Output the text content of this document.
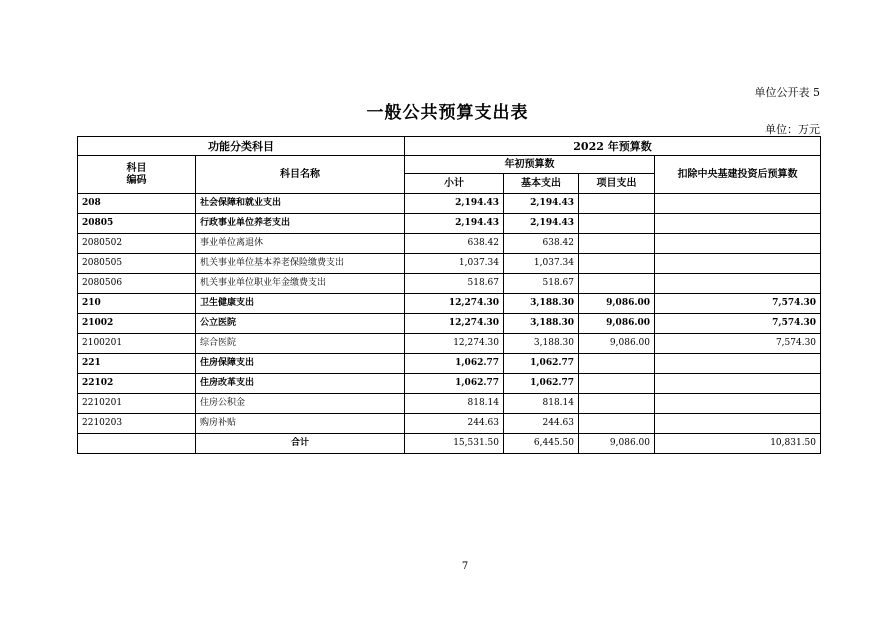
单位公开表 5
一般公共预算支出表
单位：万元
功能分类科目		2022 年预算数			

科目
编码	科目名称	年初预算数			扣除中央基建投资后预算数
		小计	基本支出	项目支出	
208	社会保障和就业支出	2,194.43	2,194.43		
20805	行政事业单位养老支出	2,194.43	2,194.43		
2080502	事业单位离退休	638.42	638.42		
2080505	机关事业单位基本养老保险缴费支出	1,037.34	1,037.34		
2080506	机关事业单位职业年金缴费支出	518.67	518.67		
210	卫生健康支出	12,274.30	3,188.30	9,086.00	7,574.30
21002	公立医院	12,274.30	3,188.30	9,086.00	7,574.30
2100201	综合医院	12,274.30	3,188.30	9,086.00	7,574.30
221	住房保障支出	1,062.77	1,062.77		
22102	住房改革支出	1,062.77	1,062.77		
2210201	住房公积金	818.14	818.14		
2210203	购房补贴	244.63	244.63		
	合计	15,531.50	6,445.50	9,086.00	10,831.50
7
